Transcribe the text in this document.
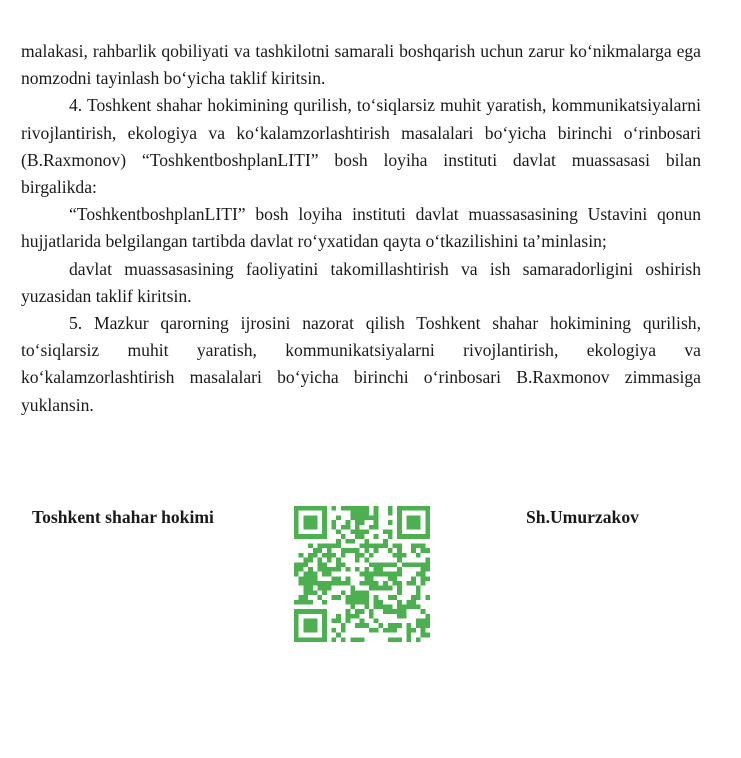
malakasi, rahbarlik qobiliyati va tashkilotni samarali boshqarish uchun zarur ko‘nikmalarga ega nomzodni tayinlash bo‘yicha taklif kiritsin.

4. Toshkent shahar hokimining qurilish, to‘siqlarsiz muhit yaratish, kommunikatsiyalarni rivojlantirish, ekologiya va ko‘kalamzorlashtirish masalalari bo‘yicha birinchi o‘rinbosari (B.Raxmonov) “ToshkentboshplanLITI” bosh loyiha instituti davlat muassasasi bilan birgalikda:

“ToshkentboshplanLITI” bosh loyiha instituti davlat muassasasining Ustavini qonun hujjatlarida belgilangan tartibda davlat ro‘yxatidan qayta o‘tkazilishini ta’minlasin;

davlat muassasasining faoliyatini takomillashtirish va ish samaradorligini oshirish yuzasidan taklif kiritsin.

5. Mazkur qarorning ijrosini nazorat qilish Toshkent shahar hokimining qurilish, to‘siqlarsiz muhit yaratish, kommunikatsiyalarni rivojlantirish, ekologiya va ko‘kalamzorlashtirish masalalari bo‘yicha birinchi o‘rinbosari B.Raxmonov zimmasiga yuklansin.

Toshkent shahar hokimi	Sh.Umurzakov
